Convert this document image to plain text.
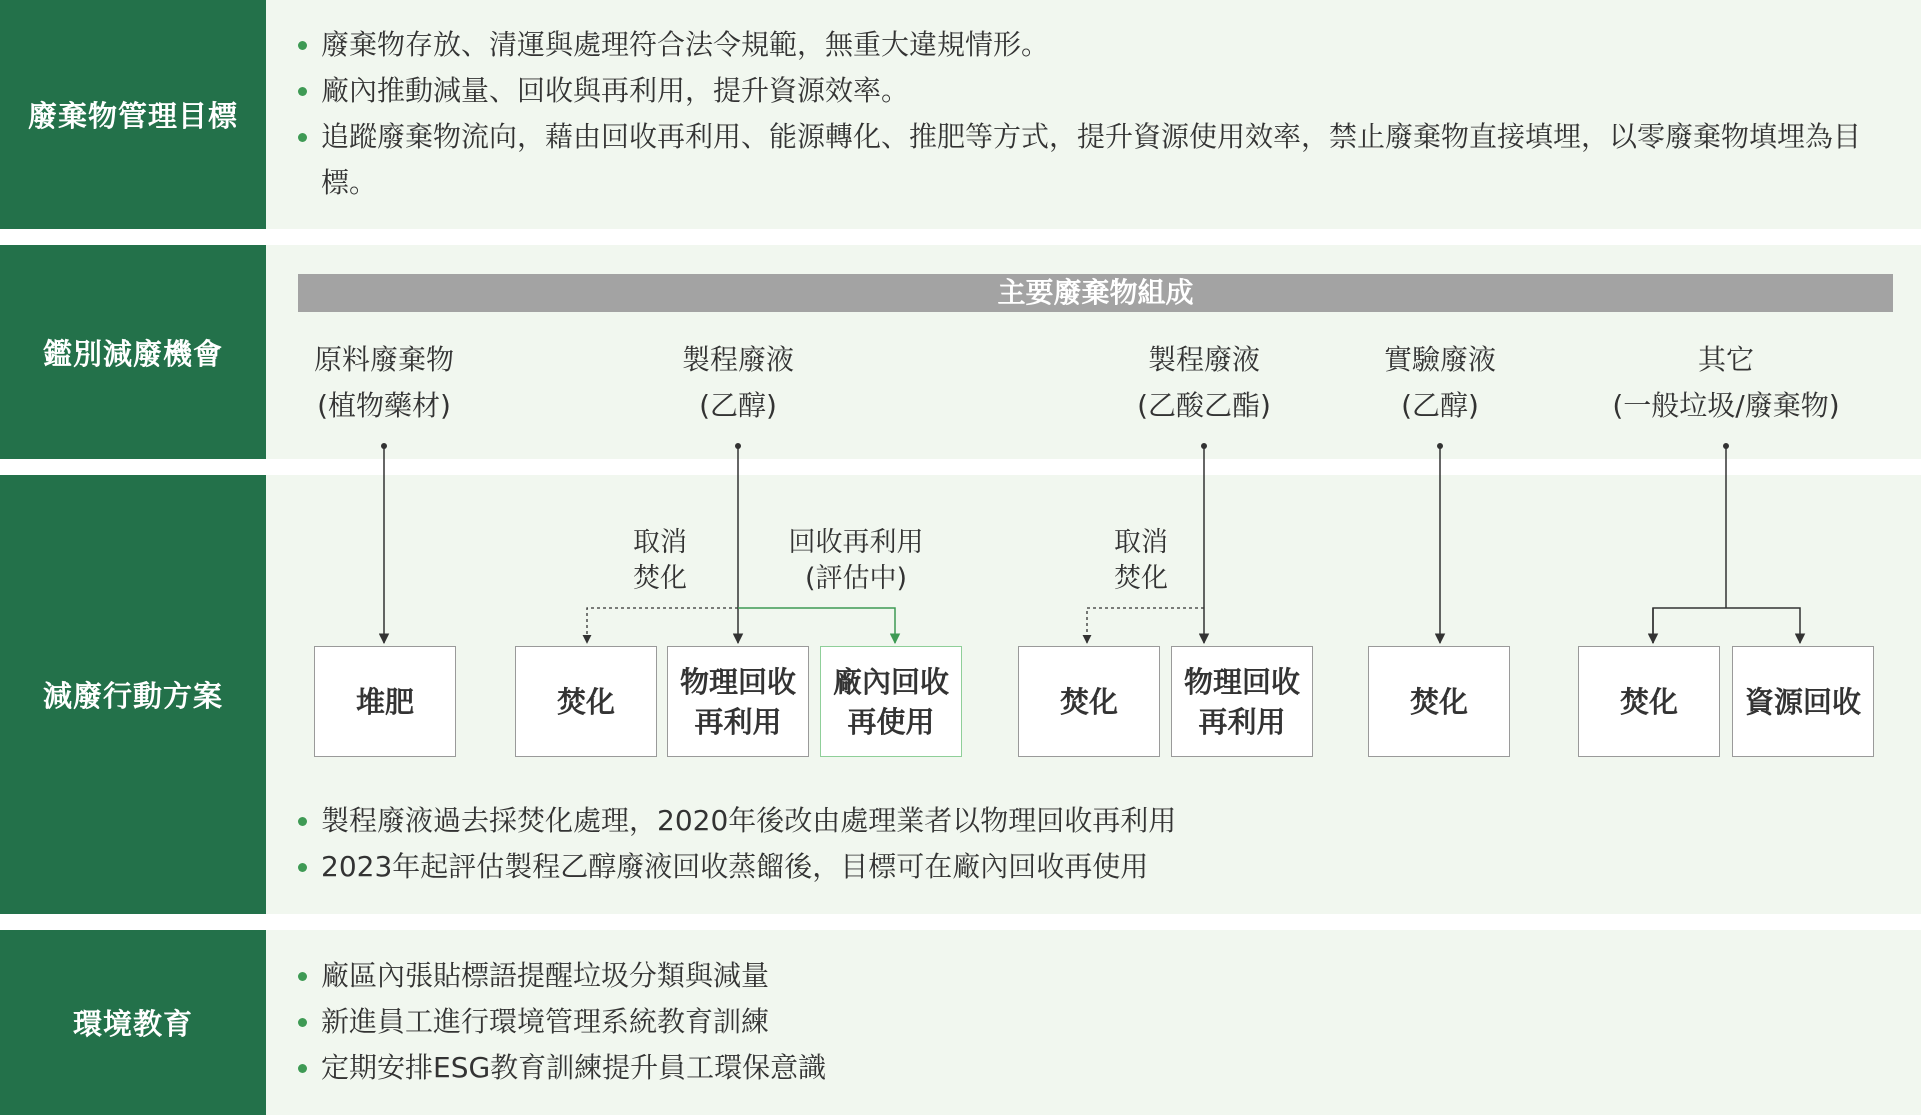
廢棄物管理目標
廢棄物存放、清運與處理符合法令規範，無重大違規情形。
廠內推動減量、回收與再利用，提升資源效率。
追蹤廢棄物流向，藉由回收再利用、能源轉化、推肥等方式，提升資源使用效率，禁止廢棄物直接填埋，以零廢棄物填埋為目標。
鑑別減廢機會
減廢行動方案
製程廢液過去採焚化處理，2020年後改由處理業者以物理回收再利用
2023年起評估製程乙醇廢液回收蒸餾後，目標可在廠內回收再使用
環境教育
廠區內張貼標語提醒垃圾分類與減量
新進員工進行環境管理系統教育訓練
定期安排ESG教育訓練提升員工環保意識
主要廢棄物組成
原料廢棄物
(植物藥材)
製程廢液
(乙醇)
製程廢液
(乙酸乙酯)
實驗廢液
(乙醇)
其它
(一般垃圾/廢棄物)
取消
焚化
回收再利用
(評估中)
取消
焚化
堆肥	焚化
物理回收
再利用
廠內回收
再使用
焚化
物理回收
再利用
焚化	焚化	資源回收
